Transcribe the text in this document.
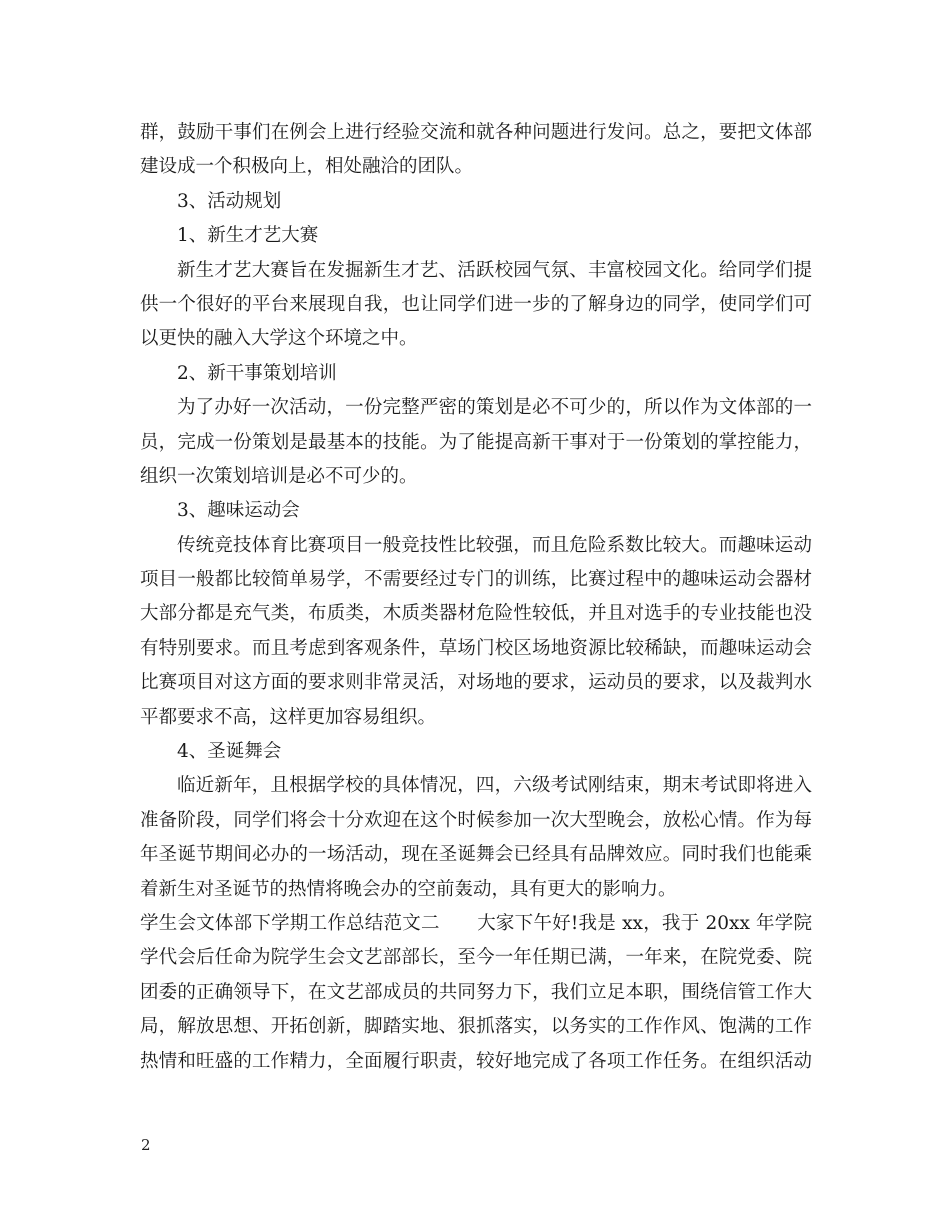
群，鼓励干事们在例会上进行经验交流和就各种问题进行发问。总之，要把文体部
建设成一个积极向上，相处融洽的团队。
3、活动规划
1、新生才艺大赛
新生才艺大赛旨在发掘新生才艺、活跃校园气氛、丰富校园文化。给同学们提
供一个很好的平台来展现自我，也让同学们进一步的了解身边的同学，使同学们可
以更快的融入大学这个环境之中。
2、新干事策划培训
为了办好一次活动，一份完整严密的策划是必不可少的，所以作为文体部的一
员，完成一份策划是最基本的技能。为了能提高新干事对于一份策划的掌控能力，
组织一次策划培训是必不可少的。
3、趣味运动会
传统竞技体育比赛项目一般竞技性比较强，而且危险系数比较大。而趣味运动
项目一般都比较简单易学，不需要经过专门的训练，比赛过程中的趣味运动会器材
大部分都是充气类，布质类，木质类器材危险性较低，并且对选手的专业技能也没
有特别要求。而且考虑到客观条件，草场门校区场地资源比较稀缺，而趣味运动会
比赛项目对这方面的要求则非常灵活，对场地的要求，运动员的要求，以及裁判水
平都要求不高，这样更加容易组织。
4、圣诞舞会
临近新年，且根据学校的具体情况，四，六级考试刚结束，期末考试即将进入
准备阶段，同学们将会十分欢迎在这个时候参加一次大型晚会，放松心情。作为每
年圣诞节期间必办的一场活动，现在圣诞舞会已经具有品牌效应。同时我们也能乘
着新生对圣诞节的热情将晚会办的空前轰动，具有更大的影响力。
学生会文体部下学期工作总结范文二　　大家下午好!我是 xx，我于 20xx 年学院
学代会后任命为院学生会文艺部部长，至今一年任期已满，一年来，在院党委、院
团委的正确领导下，在文艺部成员的共同努力下，我们立足本职，围绕信管工作大
局，解放思想、开拓创新，脚踏实地、狠抓落实，以务实的工作作风、饱满的工作
热情和旺盛的工作精力，全面履行职责，较好地完成了各项工作任务。在组织活动
2
